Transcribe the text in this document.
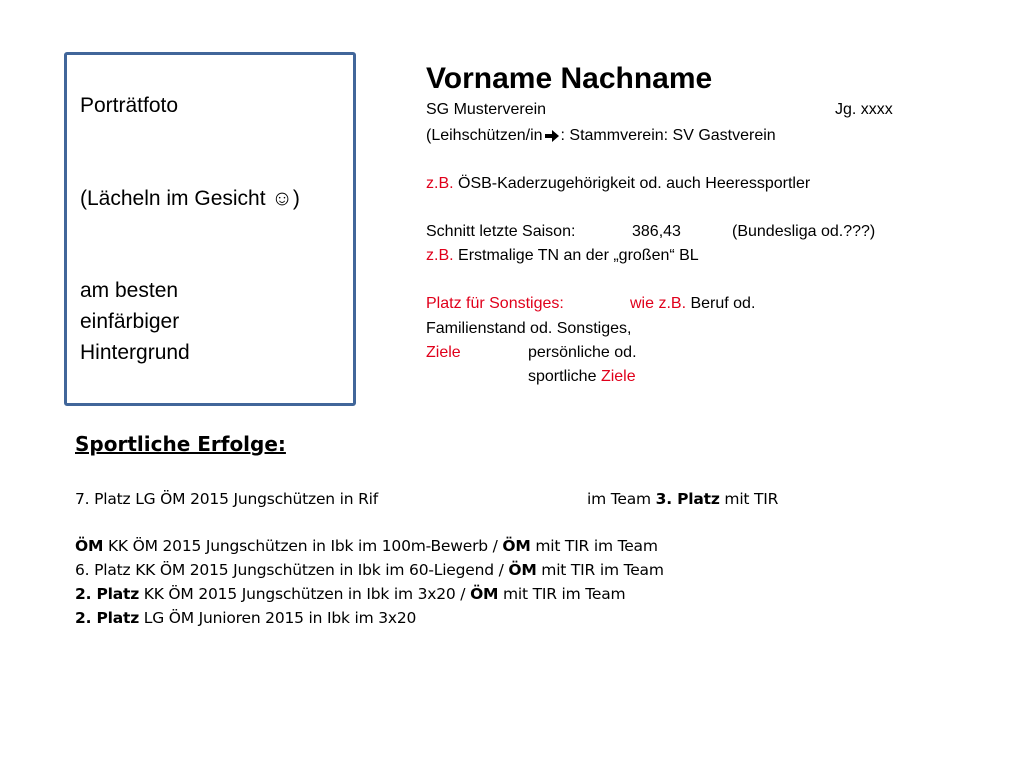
Porträtfoto
(Lächeln im Gesicht ☺)
am besten
einfärbiger
Hintergrund
Vorname Nachname
SG Musterverein	Jg. xxxx
(Leihschützen/in : Stammverein: SV Gastverein
z.B. ÖSB-Kaderzugehörigkeit od. auch Heeressportler
Schnitt letzte Saison:	386,43	(Bundesliga od.???)
z.B. Erstmalige TN an der „großen“ BL
Platz für Sonstiges:	wie z.B. Beruf od.
Familienstand od. Sonstiges,
Ziele	persönliche od.
sportliche Ziele
Sportliche Erfolge:
7. Platz LG ÖM 2015 Jungschützen in Rif	im Team 3. Platz mit TIR
ÖM KK ÖM 2015 Jungschützen in Ibk im 100m-Bewerb / ÖM mit TIR im Team
6. Platz KK ÖM 2015 Jungschützen in Ibk im 60-Liegend / ÖM mit TIR im Team
2. Platz KK ÖM 2015 Jungschützen in Ibk im 3x20 / ÖM mit TIR im Team
2. Platz LG ÖM Junioren 2015 in Ibk im 3x20
